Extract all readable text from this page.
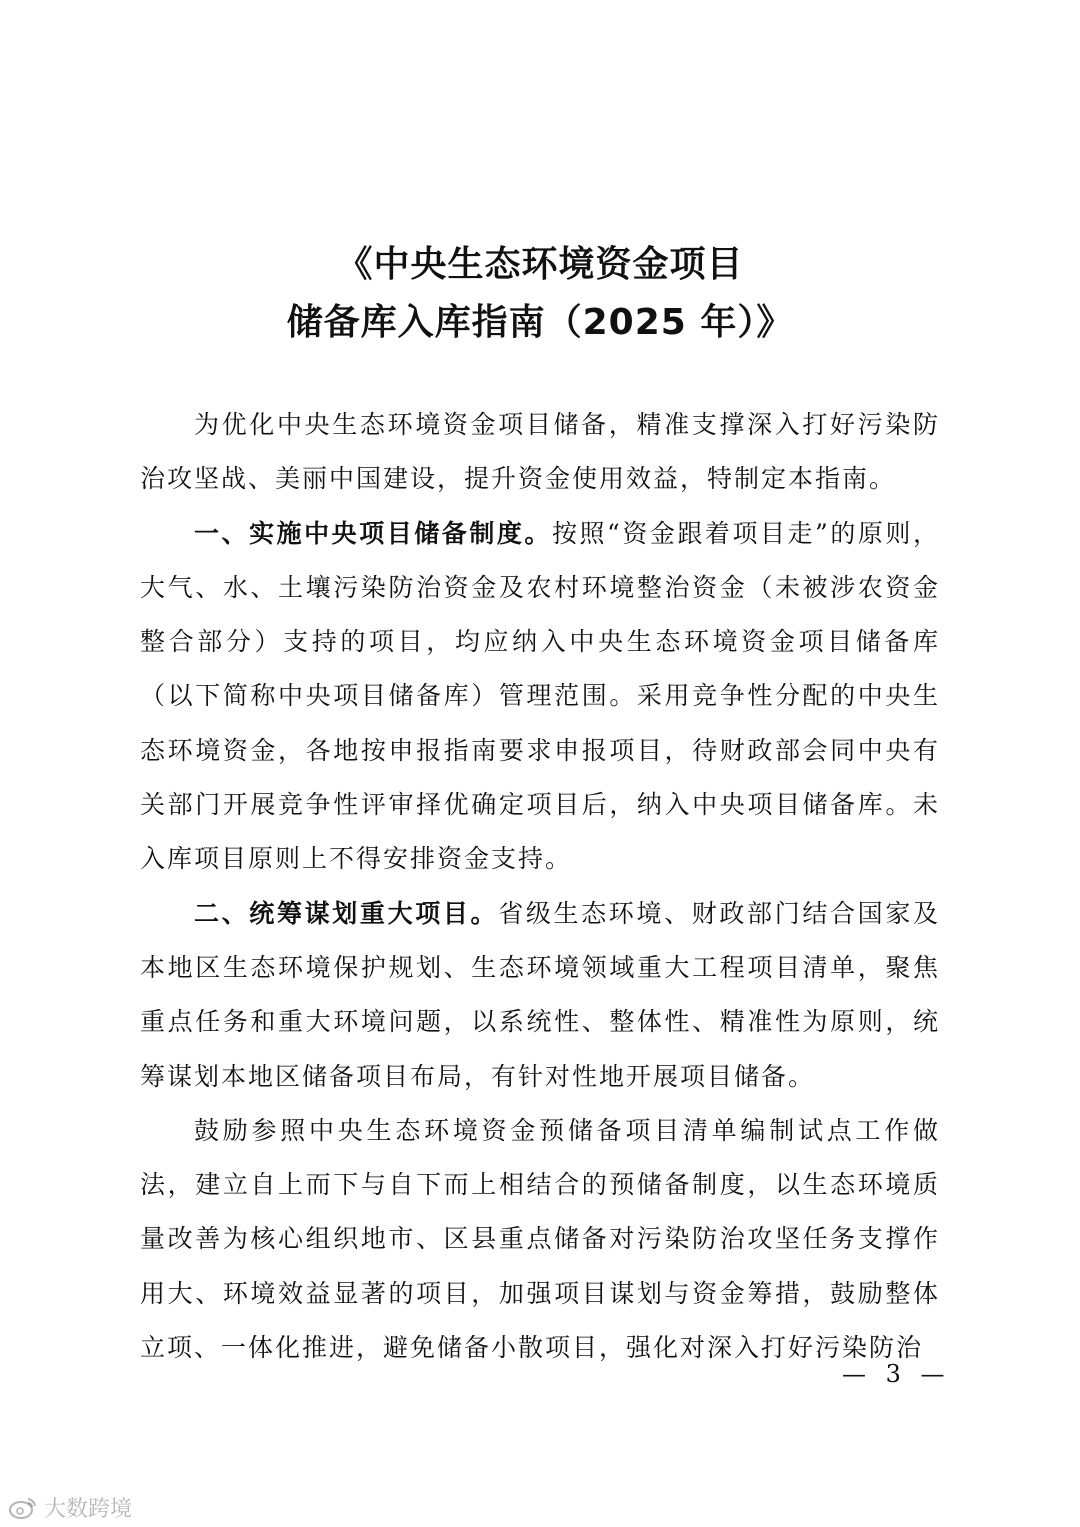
《中央生态环境资金项目
储备库入库指南（2025 年）》

为优化中央生态环境资金项目储备，精准支撑深入打好污染防治攻坚战、美丽中国建设，提升资金使用效益，特制定本指南。

一、实施中央项目储备制度。按照“资金跟着项目走”的原则，大气、水、土壤污染防治资金及农村环境整治资金（未被涉农资金整合部分）支持的项目，均应纳入中央生态环境资金项目储备库（以下简称中央项目储备库）管理范围。采用竞争性分配的中央生态环境资金，各地按申报指南要求申报项目，待财政部会同中央有关部门开展竞争性评审择优确定项目后，纳入中央项目储备库。未入库项目原则上不得安排资金支持。

二、统筹谋划重大项目。省级生态环境、财政部门结合国家及本地区生态环境保护规划、生态环境领域重大工程项目清单，聚焦重点任务和重大环境问题，以系统性、整体性、精准性为原则，统筹谋划本地区储备项目布局，有针对性地开展项目储备。

鼓励参照中央生态环境资金预储备项目清单编制试点工作做法，建立自上而下与自下而上相结合的预储备制度，以生态环境质量改善为核心组织地市、区县重点储备对污染防治攻坚任务支撑作用大、环境效益显著的项目，加强项目谋划与资金筹措，鼓励整体立项、一体化推进，避免储备小散项目，强化对深入打好污染防治

— 3 —
大数跨境
